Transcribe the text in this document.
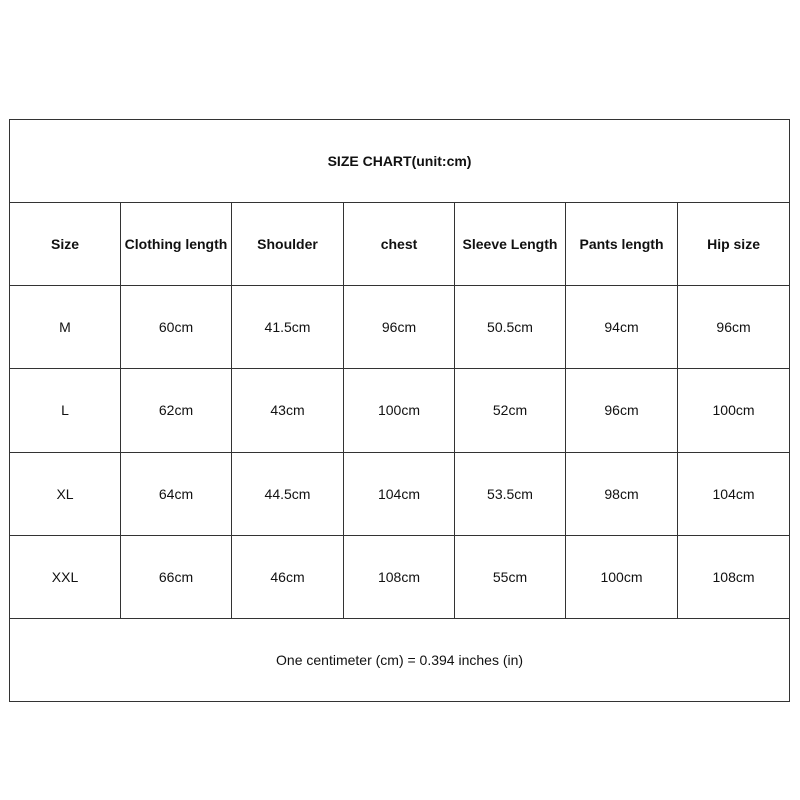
SIZE CHART(unit:cm)						
Size	Clothing length	Shoulder	chest	Sleeve Length	Pants length	Hip size
M	60cm	41.5cm	96cm	50.5cm	94cm	96cm
L	62cm	43cm	100cm	52cm	96cm	100cm
XL	64cm	44.5cm	104cm	53.5cm	98cm	104cm
XXL	66cm	46cm	108cm	55cm	100cm	108cm
One centimeter (cm) = 0.394 inches (in)						
